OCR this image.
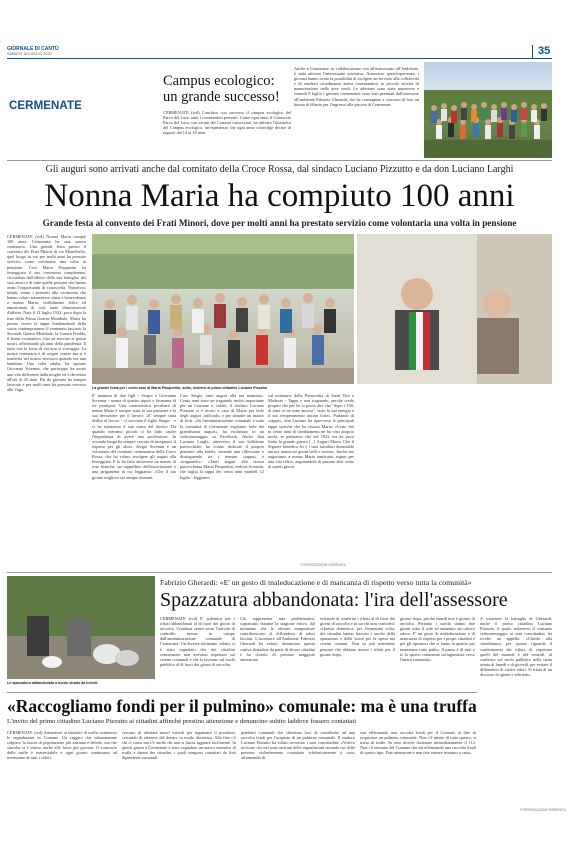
GIORNALE DI CANTÙ
SABATO 16 LUGLIO 2022	35
CERMENATE
Campus ecologico: un grande successo!
CERMENATE (tvd) Concluso con successo il campus ecologico del Parco del Lura: tanti i cermenatesi presenti. Come ogni anno il Consorzio Parco del Lura, con alcuni dei Comuni consorziati, ha attivato l'iniziativa del Campus ecologico, un'esperienza che ogni anno coinvolge decine di ragazzi dai 14 ai 18 anni.
Anche a Cermenate, in collaborazione con all'assessorato all'Ambiente, è stata attivata l'interessante iniziativa. Attraverso quest'esperienza, i giovani hanno avuto la possibilità di svolgere un servizio alla collettività e di rendersi cittadinanza attiva cimentandosi in piccole attività di manutenzione nelle aree verdi. Le adesioni sono state numerose e venerdì 8 luglio i giovani cermenatesi sono stati premiati dall'assessore all'ambiente Fabrizio Gherardi, che ha consegnato a ciascuno di loro un buono di 60euro per l'ingresso alle piscine di Cermenate.
Gli auguri sono arrivati anche dal comitato della Croce Rossa, dal sindaco Luciano Pizzutto e da don Luciano Larghi
Nonna Maria ha compiuto 100 anni
Grande festa al convento dei Frati Minori, dove per molti anni ha prestato servizio come volontaria una volta in pensione
CERMENATE (tvd) Nonna Maria compie 100 anni: Cermenate ha una nuova centenaria. Una grande festa presso il convento dei Frati Minori di via Montebello, quel luogo in cui per molti anni ha prestato servizio come volontaria una volta in pensione. Così Maria Pasquettin ha festeggiato il suo centesimo compleanno, circondata dall'affetto della sua famiglia, dei suoi amici e di tutte quelle persone che hanno avuto l'opportunità di conoscerla. Numerosi, infatti, erano i presenti alla cerimonia che hanno voluto trasmettere stima e benevolenza a nonna Maria, visibilmente felice ed emozionata di così tante dimostrazioni d'affetto. Nata il 12 luglio 1922, poco dopo la fine della Prima Guerra Mondiale, Maria ha potuto vivere le tappe fondamentali della storia contemporanea: il ventennio fascista, la Seconda Guerra Mondiale, la Guerra Fredda, il boom economico, fino ad arrivare ai giorni nostri, affrontando gli anni della pandemia. Il tutto con la forza di chi non si scoraggia. La nostra centenaria è di origini venete ma si è trasferita nel nostro territorio quando era una bambina. Una volta adulta, ha sposato Giovanni Scremin, che purtroppo ha avuto una vita differente dalla moglie ed è deceduto all'età di 43 anni. Fin da giovane ha sempre lavorato e per molti anni ha prestato servizio alla Vaga.	La grande festa per i cento anni di Maria Pasquettin; sotto, insieme al primo cittadino Luciano Pizzutto
E' mamma di due figli - Sergio e Giovanna Scremin - nonna di quattro nipoti e bisnonna di tre pronipoti. Una caratteristica peculiare di nonna Maria è sempre stata la sua passione e la sua devozione per il lavoro: «E' sempre stata dedita al lavoro - ci racconta il figlio Sergio - e ci ha trasmesso il suo senso del dovere. Da quando eravamo piccoli ci ha fatto capire l'importanza di avere una professione. In secondo luogo ha sempre cercato di insegnarci il rispetto per gli altri». Sergio Scremin è un volontario del comitato cermenatese della Croce Rossa, che ha voluto rivolgere gli auguri alla festeggiata. E lo ha fatto attraverso un mazzo di rose bianche, un cappellino dell'associazione e una pergamena in cui leggiamo: «Che il tuo giorno migliore sia sempre domani.
Caro Sergio, tanti auguri alla tua mamma». Cento anni sono un traguardo molto importante per un Comune e, infatti, il sindaco Luciano Pizzutto si è recato a casa di Maria per farle degli auguri «ufficiali» e per donarle un mazzo di fiori: «In l'amministrazione comunale e tutta la comunità di Cermenate vogliamo farle dei grandissimi auguri», ha esclamato in un videomessaggio su Facebook. Anche don Luciano Larghi, attraverso il suo bollettino parrocchiale, ha voluto dedicare il proprio pensiero alla fedele, facendo una riflessione e distinguendo tra i termini «tappa» e «traguardo»: «Tanti auguri alla nostra parrocchiana Maria Pasquettin, vedova Scremin, che taglia la tappa dei cento anni martedì 12 luglio - leggiamo
sul notiziario della Parrocchia di Santi Vito e Modesto - Tappa e non traguardo, perché credo proprio che per lei si possa dire che "dopo i 100, di anni ce ne sono ancora", visto la sua energia e il suo temperamento ancora forte». Parlando di «tappa», don Luciano ha ripercorso le principali tappe storiche che ha vissuto Maria: «Certo che in cento anni di cambiamenti ne ha visti proprio molti, se pensiamo che nel 1922 era da poco finita la grande guerra [...] Auguri Maria. Che il Signore benedica lei e i suoi familiari donandole ancora numerosi giorni belli e sereni». Anche noi auguriamo a nonna Maria tantissimi auguri per una vita felice, augurandole di passare altri cento di questi giorni.
© RIPRODUZIONE RISERVATA
Le spazzatura abbandonata a bordo strada da incivili
Fabrizio Gherardi: «E' un gesto di maleducazione e di mancanza di rispetto verso tutta la comunità»
Spazzatura abbandonata: l'ira dell'assessore
CERMENATE (tvd) E' polemica per i rifiuti abbandonati al di fuori dei giorni di raccolta. Continua senza sosta l'attività di controllo messa in campo dall'amministrazione comunale di Cermenate. Un diverse settimane, infatti, ci è stato segnalato che dei cittadini cermenatesi non avevano rispettato sui cestini comunali e che la lasciano sul suolo pubblico al di fuori dei giorni di raccolta.
Ciò rappresenta una problematica, soprattutto durante la stagione estiva, dal momento che le elevate temperature contribuiscono al diffondersi di odori lasciati. L'assessore all'Ambiente Fabrizio Gherardi ha voluto denunciare questa cattiva abitudine da parte di alcuni cittadini e ha chiesto di prestare maggiore attenzione,
evitando di conferire i rifiuti al di fuori dei giorni di raccolta e in sacchi non conformi: «Questa domenica, per l'ennesima volta, dei cittadini hanno lasciato i sacchi della spazzatura e delle borse per la spesa nei cestini comuni. Non so più nemmeno pensare che abbiano messo i rifiuti per il giorno dopo,
giorno dopo, perché lunedì non è giorno di raccolta. Pertanto i sacchi stanno due giorni sotto il sole ed emanano un cattivo odore. E' un gesto di maleducazione e di mancanza di rispetto per i propri cittadini e per gli operatori che si fanno in quattro per mantenere tutto pulito. Il paese è di tutti e io lo spreco commento un'ingiustizia verso l'intera comunità».
A sostenere la battaglia di Gherardi, anche il primo cittadino Luciano Pizzutto, il quale, attraverso il consueto videomessaggio ai suoi concittadini, ha rivolto un appello: «Chiedo alla cittadinanza, per quanto riguarda il conferimento dei rifiuti, di rispettare quelli del martedì e del venerdì, di conferire sul suolo pubblico nella tarda serata di lunedì e di giovedì, per evitare il diffondersi di cattivi odori. Si tratta di un discorso di igiene e sobrietà».
«Raccogliamo fondi per il pulmino» comunale: ma è una truffa
L'invito del primo cittadino Luciano Pizzutto ai cittadini affinché prestino attenzione e denuncino subito laddove fossero contattati
CERMENATE (tvd) Attenzione ai tentativi di truffe: numerose le segnalazioni in Comune. Un raggiro che soltanamente colpisce la fascia di popolazione più anziana e debole, ma che stavolta si è esteso anche alle fasce più giovani. Il sconcerto delle truffe è inarrestabile e ogni giorno continuano ad inventarne di tutti i colori.
cercano di adottare nuovi metodi per ingannare il prossimo, cercando di ottenere del denaro in modo disonesto. Alla fine c'è chi ci casca ma c'è anche chi non si lascia aggirare facilmente. In questi giorni a Cermenate e stato segnalato un nuovo tentativo di truffa a danno dei cittadini, i quali vengono contattati da finti dipendenti comunali.
pendenti comunali che chiedono loro di contribuire ad una raccolta fondi per l'acquisto di un pulmino comunale. Il sindaco Luciano Pizzutto ha voluto avvertire i suoi concittadini: «Volevo avvisare che nel sono arrivate delle segnalazioni secondo cui delle persone violentemente contattate telefonicamente a casa, affermando di
star effettuando una raccolta fondi per il Comune al fine di acquistare un pulmino comunale. Non c'è niente di tutto questo, si tratta di truffe. In caso dovete chiamare immediatamente il 112. Non c'è nessuno del Comune che sta effettuando una raccolta fondi di questo tipo. Fate attenzione e non fate entrare nessuno a casa».
© RIPRODUZIONE RISERVATA
